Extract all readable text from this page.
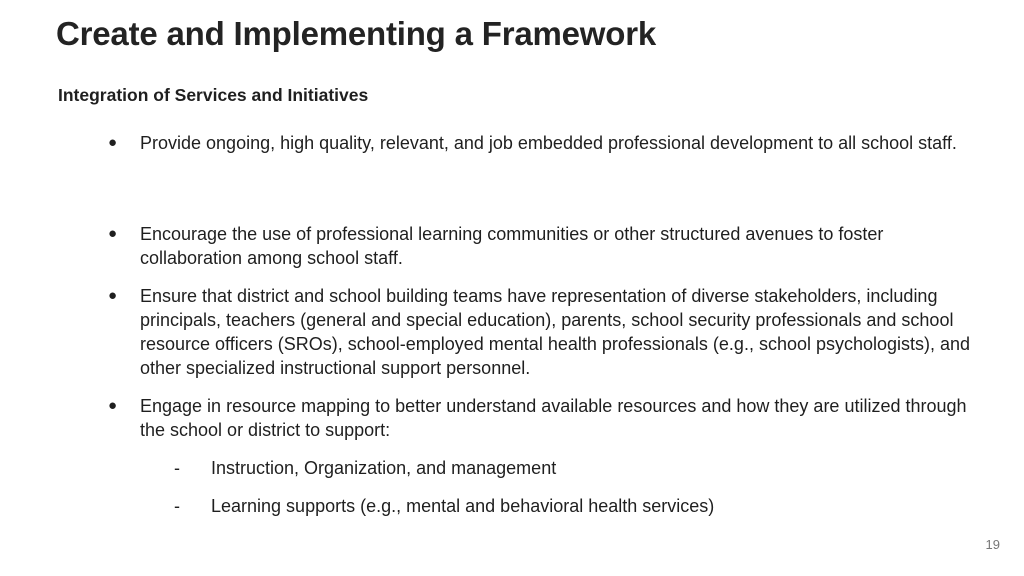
Create and Implementing a Framework
Integration of Services and Initiatives
●	Provide ongoing, high quality, relevant, and job embedded professional development to all school staff.
●	Encourage the use of professional learning communities or other structured avenues to foster collaboration among school staff.
●	Ensure that district and school building teams have representation of diverse stakeholders, including principals, teachers (general and special education), parents, school security professionals and school resource officers (SROs), school-employed mental health professionals (e.g., school psychologists), and other specialized instructional support personnel.
●	Engage in resource mapping to better understand available resources and how they are utilized through the school or district to support:
-	Instruction, Organization, and management
-	Learning supports (e.g., mental and behavioral health services)
19
